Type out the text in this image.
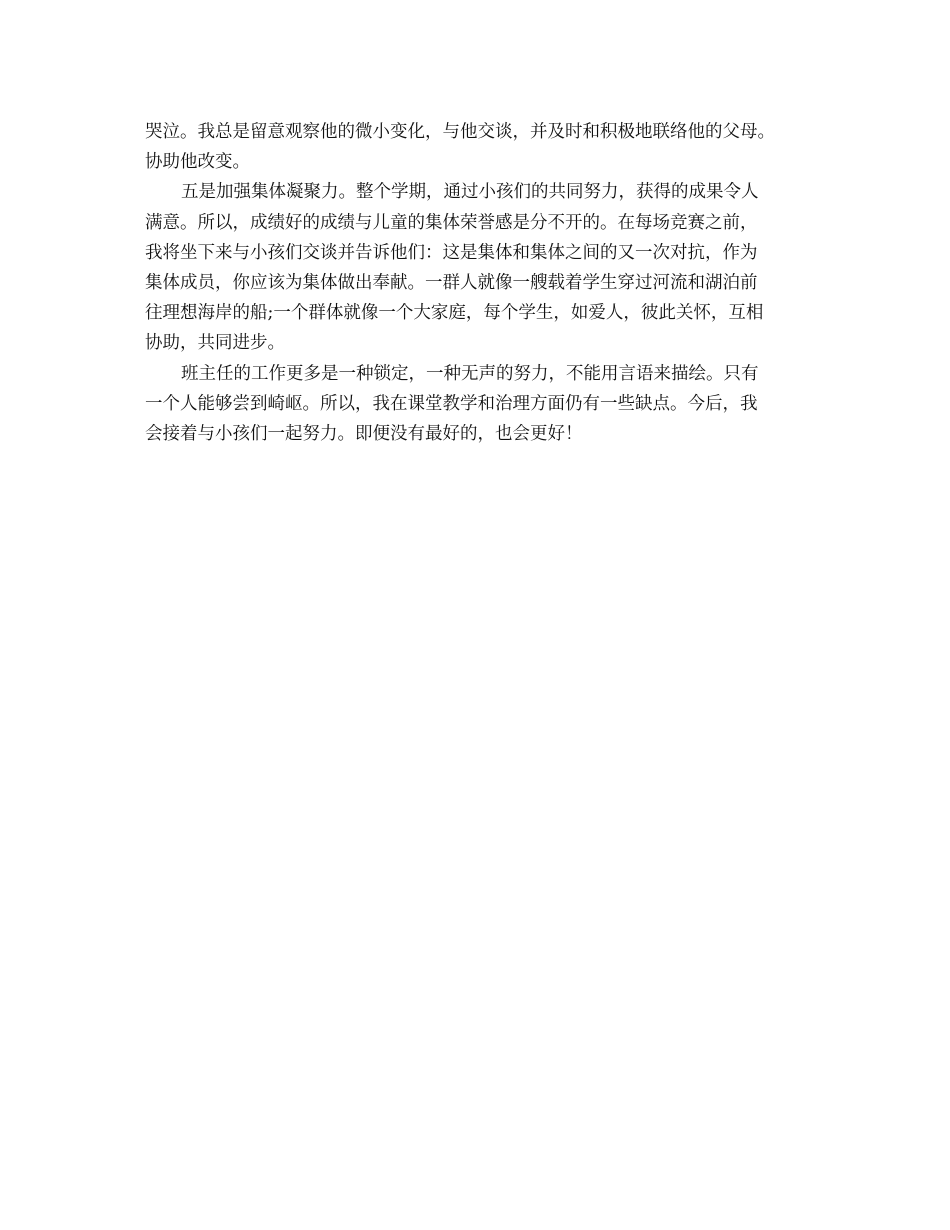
哭泣。我总是留意观察他的微小变化，与他交谈，并及时和积极地联络他的父母。
协助他改变。
五是加强集体凝聚力。整个学期，通过小孩们的共同努力，获得的成果令人
满意。所以，成绩好的成绩与儿童的集体荣誉感是分不开的。在每场竞赛之前，
我将坐下来与小孩们交谈并告诉他们：这是集体和集体之间的又一次对抗，作为
集体成员，你应该为集体做出奉献。一群人就像一艘载着学生穿过河流和湖泊前
往理想海岸的船;一个群体就像一个大家庭，每个学生，如爱人，彼此关怀，互相
协助，共同进步。
班主任的工作更多是一种锁定，一种无声的努力，不能用言语来描绘。只有
一个人能够尝到崎岖。所以，我在课堂教学和治理方面仍有一些缺点。今后，我
会接着与小孩们一起努力。即便没有最好的，也会更好！
